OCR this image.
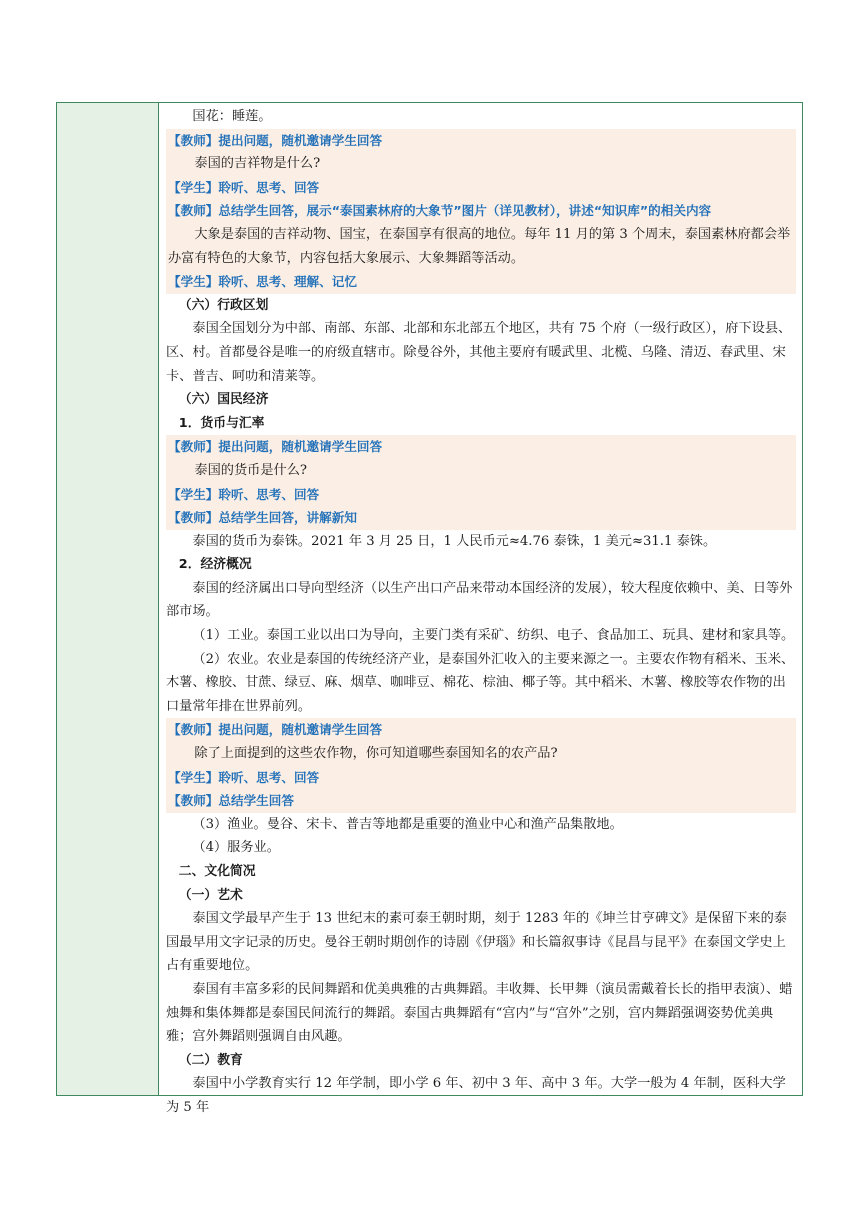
国花：睡莲。

【教师】提出问题，随机邀请学生回答

泰国的吉祥物是什么?

【学生】聆听、思考、回答

【教师】总结学生回答，展示“泰国素林府的大象节”图片（详见教材），讲述“知识库”的相关内容

大象是泰国的吉祥动物、国宝，在泰国享有很高的地位。每年 11 月的第 3 个周末，泰国素林府都会举办富有特色的大象节，内容包括大象展示、大象舞蹈等活动。

【学生】聆听、思考、理解、记忆

（六）行政区划

泰国全国划分为中部、南部、东部、北部和东北部五个地区，共有 75 个府（一级行政区），府下设县、区、村。首都曼谷是唯一的府级直辖市。除曼谷外，其他主要府有暖武里、北榄、乌隆、清迈、春武里、宋卡、普吉、呵叻和清莱等。

（六）国民经济

1．货币与汇率

【教师】提出问题，随机邀请学生回答

泰国的货币是什么?

【学生】聆听、思考、回答

【教师】总结学生回答，讲解新知

泰国的货币为泰铢。2021 年 3 月 25 日，1 人民币元≈4.76 泰铢，1 美元≈31.1 泰铢。

2．经济概况

泰国的经济属出口导向型经济（以生产出口产品来带动本国经济的发展），较大程度依赖中、美、日等外部市场。

（1）工业。泰国工业以出口为导向，主要门类有采矿、纺织、电子、食品加工、玩具、建材和家具等。

（2）农业。农业是泰国的传统经济产业，是泰国外汇收入的主要来源之一。主要农作物有稻米、玉米、木薯、橡胶、甘蔗、绿豆、麻、烟草、咖啡豆、棉花、棕油、椰子等。其中稻米、木薯、橡胶等农作物的出口量常年排在世界前列。

【教师】提出问题，随机邀请学生回答

除了上面提到的这些农作物，你可知道哪些泰国知名的农产品?

【学生】聆听、思考、回答

【教师】总结学生回答

（3）渔业。曼谷、宋卡、普吉等地都是重要的渔业中心和渔产品集散地。

（4）服务业。

二、文化简况

（一）艺术

泰国文学最早产生于 13 世纪末的素可泰王朝时期，刻于 1283 年的《坤兰甘亨碑文》是保留下来的泰国最早用文字记录的历史。曼谷王朝时期创作的诗剧《伊瑙》和长篇叙事诗《昆昌与昆平》在泰国文学史上占有重要地位。

泰国有丰富多彩的民间舞蹈和优美典雅的古典舞蹈。丰收舞、长甲舞（演员需戴着长长的指甲表演）、蜡烛舞和集体舞都是泰国民间流行的舞蹈。泰国古典舞蹈有“宫内”与“宫外”之别，宫内舞蹈强调姿势优美典雅；宫外舞蹈则强调自由风趣。

（二）教育

泰国中小学教育实行 12 年学制，即小学 6 年、初中 3 年、高中 3 年。大学一般为 4 年制，医科大学为 5 年
